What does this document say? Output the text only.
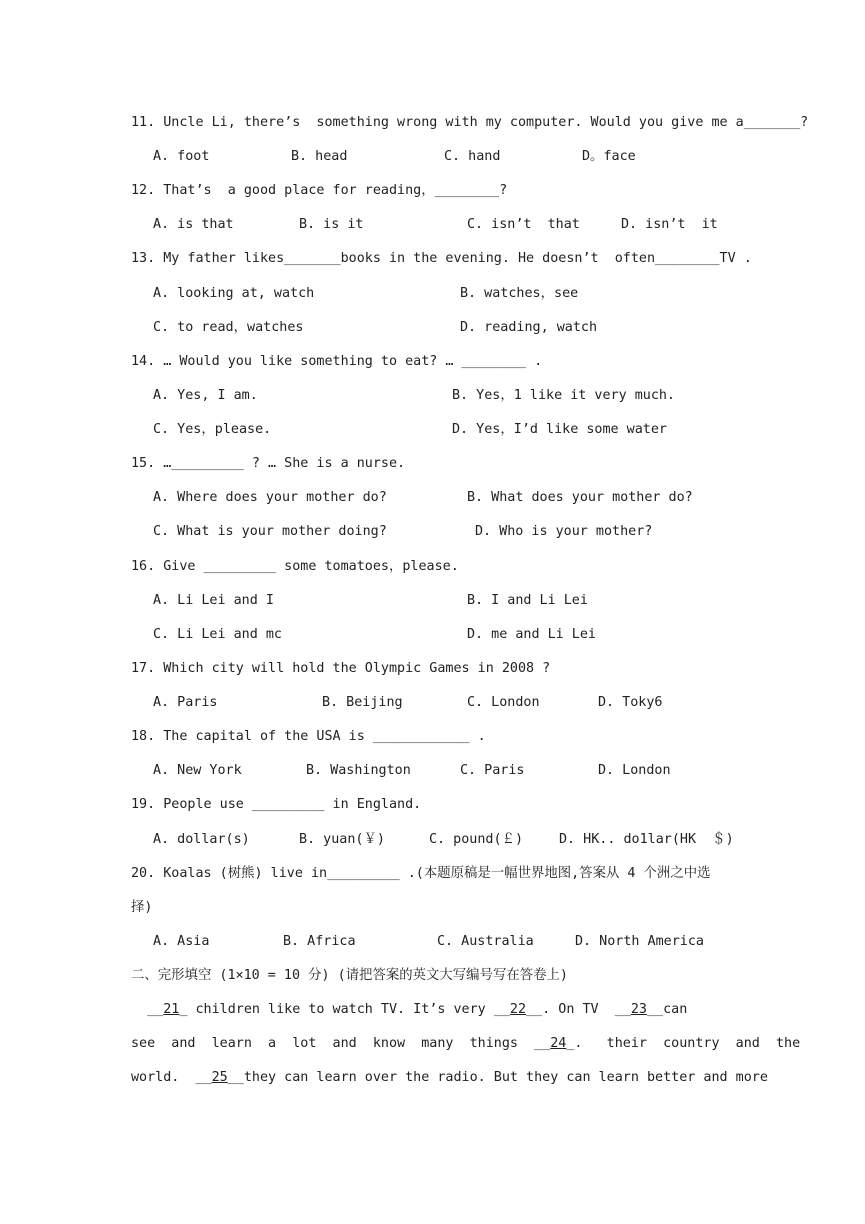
11. Uncle Li, there’s  something wrong with my computer. Would you give me a_______?
A. foot	B. head	C. hand	D。face
12. That’s  a good place for reading，________?
A. is that	B. is it	C. isn’t  that	D. isn’t  it
13. My father likes_______books in the evening. He doesn’t  often________TV .
A. looking at, watch	B. watches，see
C. to read，watches	D. reading, watch
14. … Would you like something to eat? … ________ .
A. Yes, I am.	B. Yes，1 like it very much.
C. Yes，please.	D. Yes，I’d like some water
15. …_________ ? … She is a nurse.
A. Where does your mother do?	B. What does your mother do?
C. What is your mother doing?	D. Who is your mother?
16. Give _________ some tomatoes，please.
A. Li Lei and I	B. I and Li Lei
C. Li Lei and mc	D. me and Li Lei
17. Which city will hold the Olympic Games in 2008 ?
A. Paris	B. Beijing	C. London	D. Toky6
18. The capital of the USA is ____________ .
A. New York	B. Washington	C. Paris	D. London
19. People use _________ in England.
A. dollar(s)	B. yuan(￥)	C. pound(￡)	D. HK.. do1lar(HK  ＄)
20. Koalas (树熊) live in_________ .(本题原稿是一幅世界地图,答案从 4 个洲之中选
择)
A. Asia	B. Africa	C. Australia	D. North America
二、完形填空 (1×10 = 10 分) (请把答案的英文大写编号写在答卷上)
__21_ children like to watch TV. It’s very __22__. On TV  __23__can
see  and  learn  a  lot  and  know  many  things  __24_.   their  country  and  the
world.  __25__they can learn over the radio. But they can learn better and more
